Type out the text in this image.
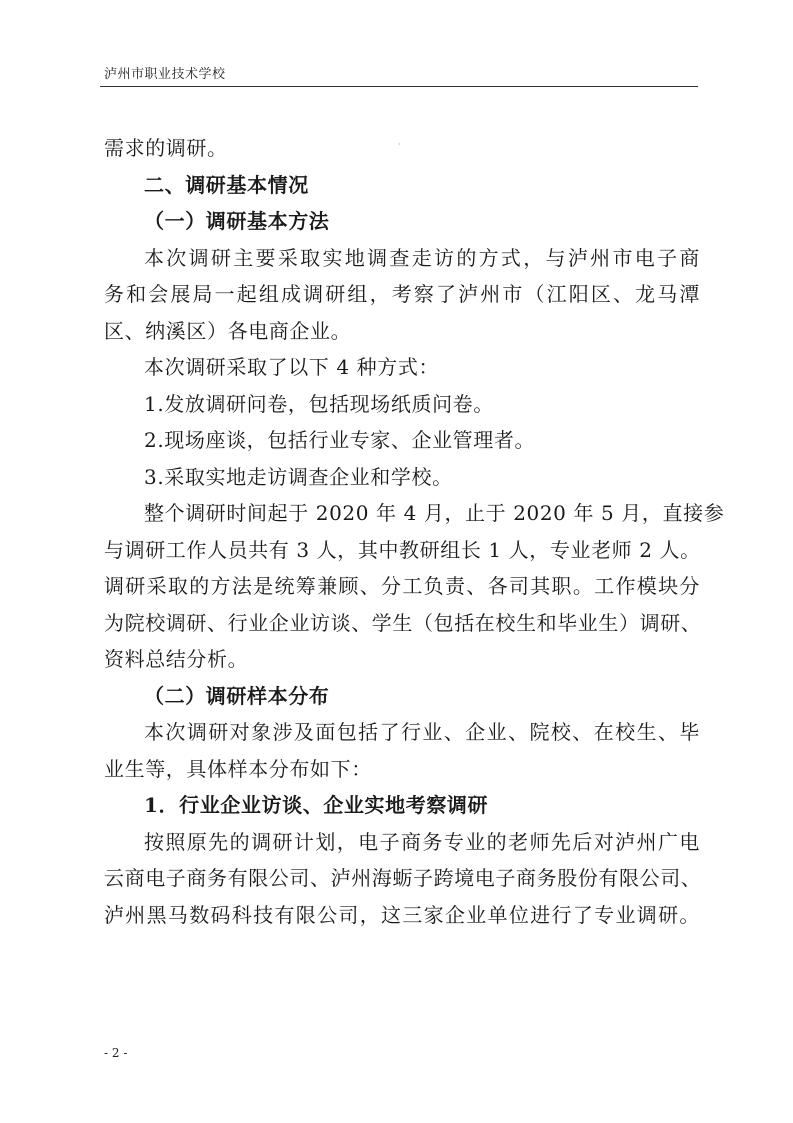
泸州市职业技术学校
·
需求的调研。
二、调研基本情况
（一）调研基本方法
本次调研主要采取实地调查走访的方式，与泸州市电子商
务和会展局一起组成调研组，考察了泸州市（江阳区、龙马潭
区、纳溪区）各电商企业。
本次调研采取了以下 4 种方式：
1.发放调研问卷，包括现场纸质问卷。
2.现场座谈，包括行业专家、企业管理者。
3.采取实地走访调查企业和学校。
整个调研时间起于 2020 年 4 月，止于 2020 年 5 月，直接参
与调研工作人员共有 3 人，其中教研组长 1 人，专业老师 2 人。
调研采取的方法是统筹兼顾、分工负责、各司其职。工作模块分
为院校调研、行业企业访谈、学生（包括在校生和毕业生）调研、
资料总结分析。
（二）调研样本分布
本次调研对象涉及面包括了行业、企业、院校、在校生、毕
业生等，具体样本分布如下：
1．行业企业访谈、企业实地考察调研
按照原先的调研计划，电子商务专业的老师先后对泸州广电
云商电子商务有限公司、泸州海蛎子跨境电子商务股份有限公司、
泸州黑马数码科技有限公司，这三家企业单位进行了专业调研。
- 2 -
